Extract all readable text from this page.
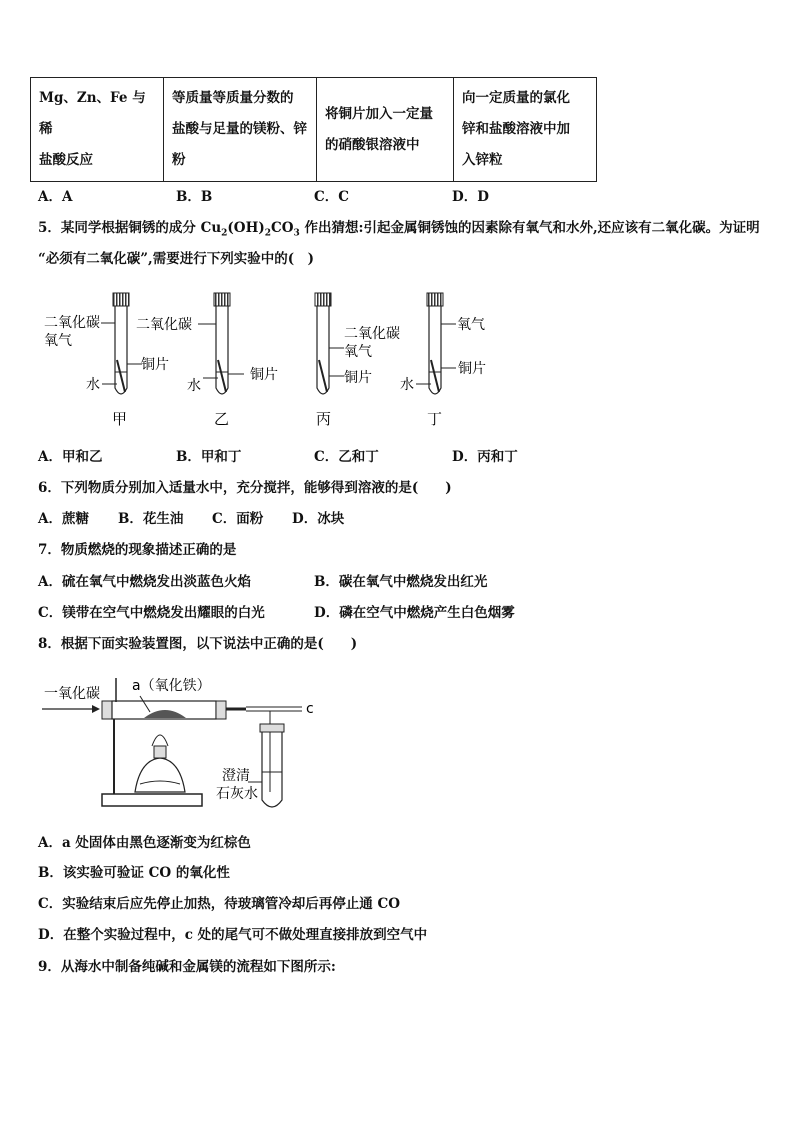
Mg、Zn、Fe 与稀
盐酸反应

等质量等质量分数的
盐酸与足量的镁粉、锌
粉

将铜片加入一定量
的硝酸银溶液中

向一定质量的氯化
锌和盐酸溶液中加
入锌粒
A．A	B．B	C．C	D．D
5．某同学根据铜锈的成分 $Cu_2(OH)_2CO_3$ 作出猜想:引起金属铜锈蚀的因素除有氧气和水外,还应该有二氧化碳。为证明
“必须有二氧化碳”,需要进行下列实验中的(　)
二氧化碳
氧气
铜片
水
甲
二氧化碳
铜片
水
乙
二氧化碳
氧气
铜片
丙
氧气
铜片
水
丁
A．甲和乙	B．甲和丁	C．乙和丁	D．丙和丁
6．下列物质分别加入适量水中，充分搅拌，能够得到溶液的是(　　)
A．蔗糖 B．花生油 C．面粉 D．冰块
7．物质燃烧的现象描述正确的是
A．硫在氧气中燃烧发出淡蓝色火焰	B．碳在氧气中燃烧发出红光
C．镁带在空气中燃烧发出耀眼的白光	D．磷在空气中燃烧产生白色烟雾
8．根据下面实验装置图，以下说法中正确的是(　　)
一氧化碳 a（氧化铁）
c
澄清
石灰水
A．a 处固体由黑色逐渐变为红棕色
B．该实验可验证 CO 的氧化性
C．实验结束后应先停止加热，待玻璃管冷却后再停止通 CO
D．在整个实验过程中，c 处的尾气可不做处理直接排放到空气中
9．从海水中制备纯碱和金属镁的流程如下图所示:
